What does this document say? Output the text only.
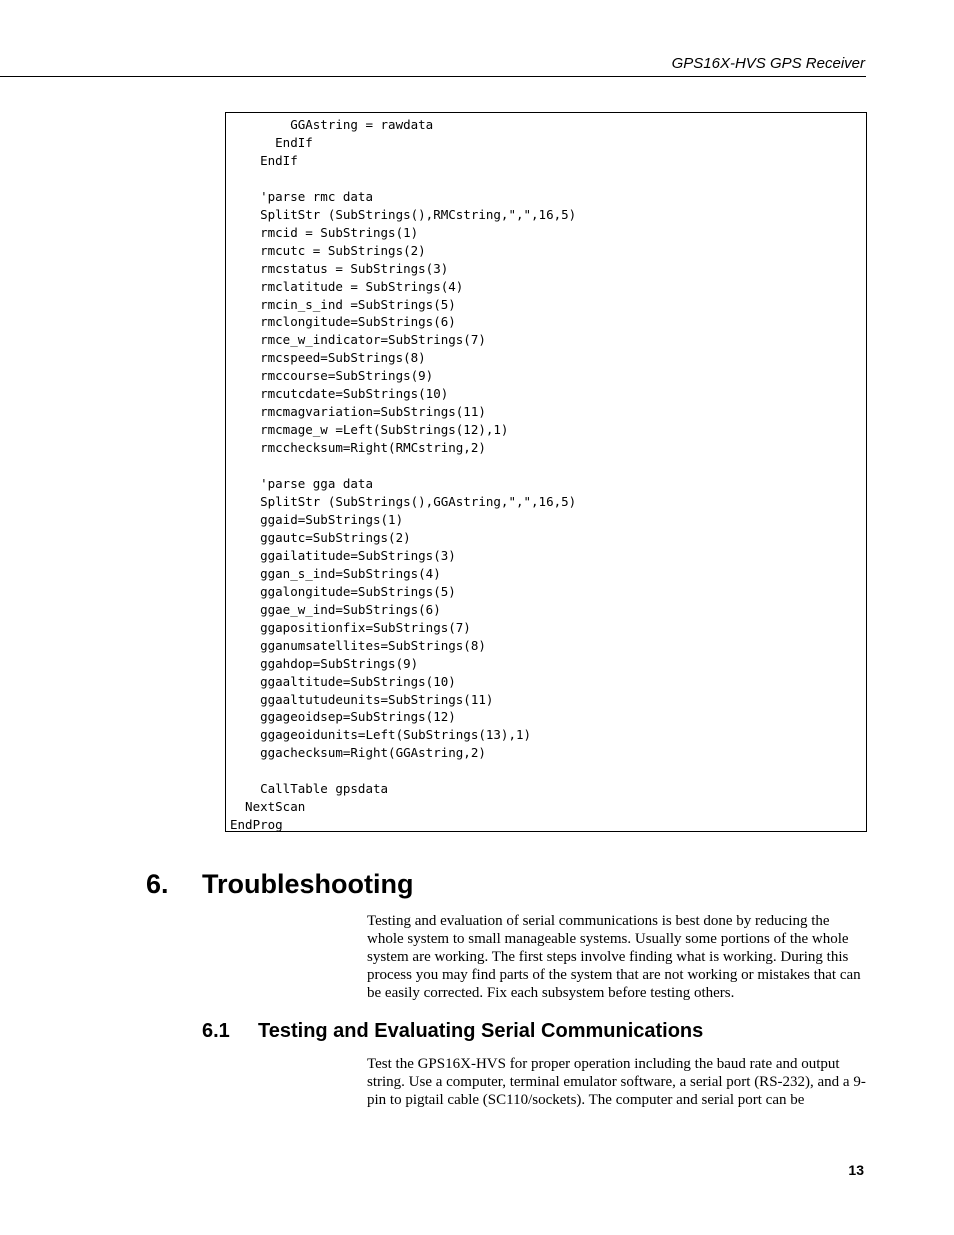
GPS16X-HVS GPS Receiver
GGAstring = rawdata
EndIf
EndIf

'parse rmc data
SplitStr (SubStrings(),RMCstring,",",16,5)
rmcid = SubStrings(1)
rmcutc = SubStrings(2)
rmcstatus = SubStrings(3)
rmclatitude = SubStrings(4)
rmcin_s_ind =SubStrings(5)
rmclongitude=SubStrings(6)
rmce_w_indicator=SubStrings(7)
rmcspeed=SubStrings(8)
rmccourse=SubStrings(9)
rmcutcdate=SubStrings(10)
rmcmagvariation=SubStrings(11)
rmcmage_w =Left(SubStrings(12),1)
rmcchecksum=Right(RMCstring,2)

'parse gga data
SplitStr (SubStrings(),GGAstring,",",16,5)
ggaid=SubStrings(1)
ggautc=SubStrings(2)
ggailatitude=SubStrings(3)
ggan_s_ind=SubStrings(4)
ggalongitude=SubStrings(5)
ggae_w_ind=SubStrings(6)
ggapositionfix=SubStrings(7)
gganumsatellites=SubStrings(8)
ggahdop=SubStrings(9)
ggaaltitude=SubStrings(10)
ggaaltutudeunits=SubStrings(11)
ggageoidsep=SubStrings(12)
ggageoidunits=Left(SubStrings(13),1)
ggachecksum=Right(GGAstring,2)

CallTable gpsdata
NextScan
EndProg
6. Troubleshooting

Testing and evaluation of serial communications is best done by reducing the whole system to small manageable systems. Usually some portions of the whole system are working. The first steps involve finding what is working. During this process you may find parts of the system that are not working or mistakes that can be easily corrected. Fix each subsystem before testing others.

6.1 Testing and Evaluating Serial Communications

Test the GPS16X-HVS for proper operation including the baud rate and output string. Use a computer, terminal emulator software, a serial port (RS-232), and a 9-pin to pigtail cable (SC110/sockets). The computer and serial port can be

13
